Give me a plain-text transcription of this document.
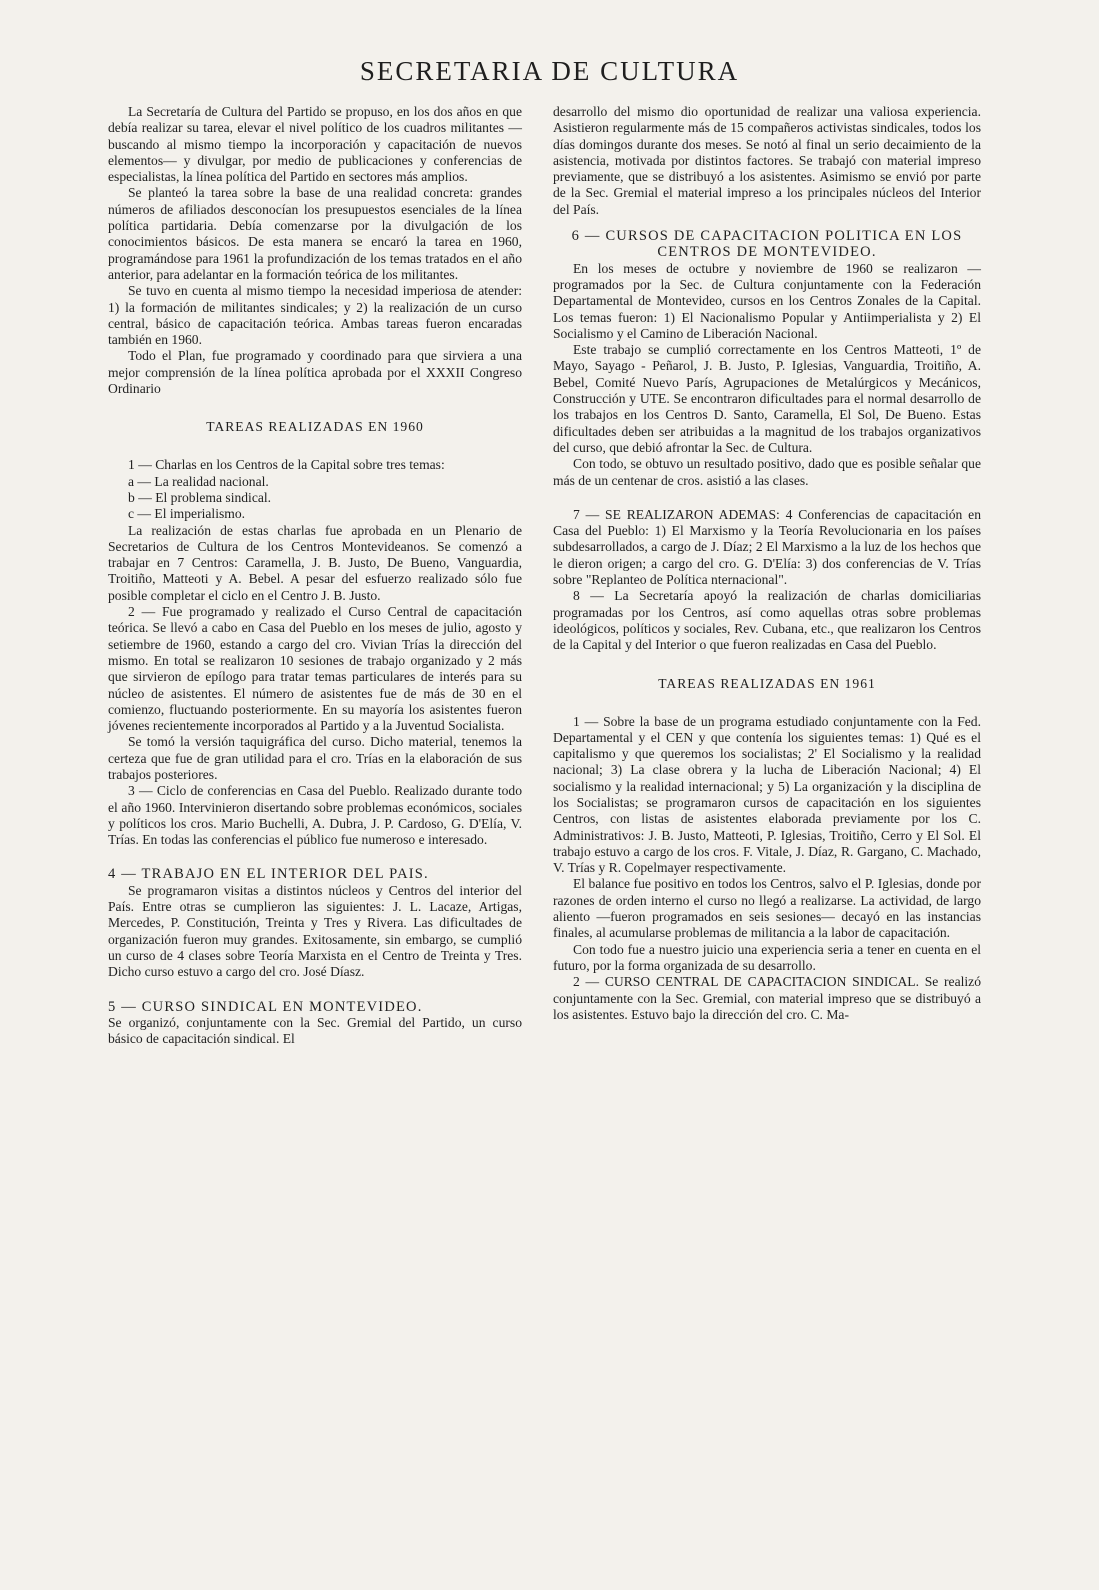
SECRETARIA DE CULTURA

La Secretaría de Cultura del Partido se propuso, en los dos años en que debía realizar su tarea, elevar el nivel político de los cuadros militantes —buscando al mismo tiempo la incorporación y capacitación de nuevos elementos— y divulgar, por medio de publicaciones y conferencias de especialistas, la línea política del Partido en sectores más amplios.

Se planteó la tarea sobre la base de una realidad concreta: grandes números de afiliados desconocían los presupuestos esenciales de la línea política partidaria. Debía comenzarse por la divulgación de los conocimientos básicos. De esta manera se encaró la tarea en 1960, programándose para 1961 la profundización de los temas tratados en el año anterior, para adelantar en la formación teórica de los militantes.

Se tuvo en cuenta al mismo tiempo la necesidad imperiosa de atender: 1) la formación de militantes sindicales; y 2) la realización de un curso central, básico de capacitación teórica. Ambas tareas fueron encaradas también en 1960.

Todo el Plan, fue programado y coordinado para que sirviera a una mejor comprensión de la línea política aprobada por el XXXII Congreso Ordinario

TAREAS REALIZADAS EN 1960

1 — Charlas en los Centros de la Capital sobre tres temas:

a — La realidad nacional.

b — El problema sindical.

c — El imperialismo.

La realización de estas charlas fue aprobada en un Plenario de Secretarios de Cultura de los Centros Montevideanos. Se comenzó a trabajar en 7 Centros: Caramella, J. B. Justo, De Bueno, Vanguardia, Troitiño, Matteoti y A. Bebel. A pesar del esfuerzo realizado sólo fue posible completar el ciclo en el Centro J. B. Justo.

2 — Fue programado y realizado el Curso Central de capacitación teórica. Se llevó a cabo en Casa del Pueblo en los meses de julio, agosto y setiembre de 1960, estando a cargo del cro. Vivian Trías la dirección del mismo. En total se realizaron 10 sesiones de trabajo organizado y 2 más que sirvieron de epílogo para tratar temas particulares de interés para su núcleo de asistentes. El número de asistentes fue de más de 30 en el comienzo, fluctuando posteriormente. En su mayoría los asistentes fueron jóvenes recientemente incorporados al Partido y a la Juventud Socialista.

Se tomó la versión taquigráfica del curso. Dicho material, tenemos la certeza que fue de gran utilidad para el cro. Trías en la elaboración de sus trabajos posteriores.

3 — Ciclo de conferencias en Casa del Pueblo. Realizado durante todo el año 1960. Intervinieron disertando sobre problemas económicos, sociales y políticos los cros. Mario Buchelli, A. Dubra, J. P. Cardoso, G. D'Elía, V. Trías. En todas las conferencias el público fue numeroso e interesado.

4 — TRABAJO EN EL INTERIOR DEL PAIS.

Se programaron visitas a distintos núcleos y Centros del interior del País. Entre otras se cumplieron las siguientes: J. L. Lacaze, Artigas, Mercedes, P. Constitución, Treinta y Tres y Rivera. Las dificultades de organización fueron muy grandes. Exitosamente, sin embargo, se cumplió un curso de 4 clases sobre Teoría Marxista en el Centro de Treinta y Tres. Dicho curso estuvo a cargo del cro. José Díasz.

5 — CURSO SINDICAL EN MONTEVIDEO.

Se organizó, conjuntamente con la Sec. Gremial del Partido, un curso básico de capacitación sindical. El

desarrollo del mismo dio oportunidad de realizar una valiosa experiencia. Asistieron regularmente más de 15 compañeros activistas sindicales, todos los días domingos durante dos meses. Se notó al final un serio decaimiento de la asistencia, motivada por distintos factores. Se trabajó con material impreso previamente, que se distribuyó a los asistentes. Asimismo se envió por parte de la Sec. Gremial el material impreso a los principales núcleos del Interior del País.

6 — CURSOS DE CAPACITACION POLITICA EN LOS CENTROS DE MONTEVIDEO.

En los meses de octubre y noviembre de 1960 se realizaron —programados por la Sec. de Cultura conjuntamente con la Federación Departamental de Montevideo, cursos en los Centros Zonales de la Capital. Los temas fueron: 1) El Nacionalismo Popular y Antiimperialista y 2) El Socialismo y el Camino de Liberación Nacional.

Este trabajo se cumplió correctamente en los Centros Matteoti, 1º de Mayo, Sayago - Peñarol, J. B. Justo, P. Iglesias, Vanguardia, Troitiño, A. Bebel, Comité Nuevo París, Agrupaciones de Metalúrgicos y Mecánicos, Construcción y UTE. Se encontraron dificultades para el normal desarrollo de los trabajos en los Centros D. Santo, Caramella, El Sol, De Bueno. Estas dificultades deben ser atribuidas a la magnitud de los trabajos organizativos del curso, que debió afrontar la Sec. de Cultura.

Con todo, se obtuvo un resultado positivo, dado que es posible señalar que más de un centenar de cros. asistió a las clases.

7 — SE REALIZARON ADEMAS: 4 Conferencias de capacitación en Casa del Pueblo: 1) El Marxismo y la Teoría Revolucionaria en los países subdesarrollados, a cargo de J. Díaz; 2 El Marxismo a la luz de los hechos que le dieron origen; a cargo del cro. G. D'Elía: 3) dos conferencias de V. Trías sobre "Replanteo de Política nternacional".

8 — La Secretaría apoyó la realización de charlas domiciliarias programadas por los Centros, así como aquellas otras sobre problemas ideológicos, políticos y sociales, Rev. Cubana, etc., que realizaron los Centros de la Capital y del Interior o que fueron realizadas en Casa del Pueblo.

TAREAS REALIZADAS EN 1961

1 — Sobre la base de un programa estudiado conjuntamente con la Fed. Departamental y el CEN y que contenía los siguientes temas: 1) Qué es el capitalismo y que queremos los socialistas; 2' El Socialismo y la realidad nacional; 3) La clase obrera y la lucha de Liberación Nacional; 4) El socialismo y la realidad internacional; y 5) La organización y la disciplina de los Socialistas; se programaron cursos de capacitación en los siguientes Centros, con listas de asistentes elaborada previamente por los C. Administrativos: J. B. Justo, Matteoti, P. Iglesias, Troitiño, Cerro y El Sol. El trabajo estuvo a cargo de los cros. F. Vitale, J. Díaz, R. Gargano, C. Machado, V. Trías y R. Copelmayer respectivamente.

El balance fue positivo en todos los Centros, salvo el P. Iglesias, donde por razones de orden interno el curso no llegó a realizarse. La actividad, de largo aliento —fueron programados en seis sesiones— decayó en las instancias finales, al acumularse problemas de militancia a la labor de capacitación.

Con todo fue a nuestro juicio una experiencia seria a tener en cuenta en el futuro, por la forma organizada de su desarrollo.

2 — CURSO CENTRAL DE CAPACITACION SINDICAL. Se realizó conjuntamente con la Sec. Gremial, con material impreso que se distribuyó a los asistentes. Estuvo bajo la dirección del cro. C. Ma-
